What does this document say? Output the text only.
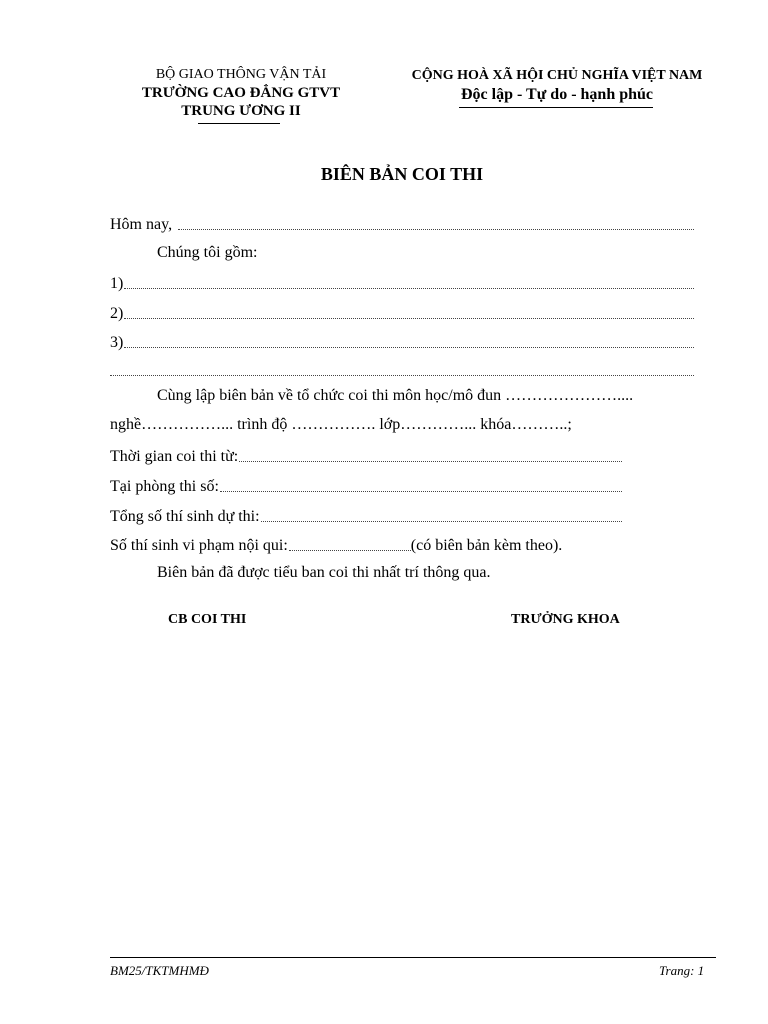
BỘ GIAO THÔNG VẬN TẢI
TRƯỜNG CAO ĐẲNG GTVT
TRUNG ƯƠNG II
CỘNG HOÀ XÃ HỘI CHỦ NGHĨA VIỆT NAM
Độc lập - Tự do - hạnh phúc
BIÊN BẢN COI THI
Hôm nay,
Chúng tôi gồm:
1)
2)
3)
Cùng lập biên bản về tổ chức coi thi môn học/mô đun …………………....
nghề……………... trình độ ……………. lớp…………... khóa………..;
Thời gian coi thi từ:
Tại phòng thi số:
Tổng số thí sinh dự thi:
Số thí sinh vi phạm nội qui:	(có biên bản kèm theo).
Biên bản đã được tiểu ban coi thi nhất trí thông qua.
CB COI THI	TRƯỞNG KHOA
BM25/TKTMHMĐ	Trang: 1
